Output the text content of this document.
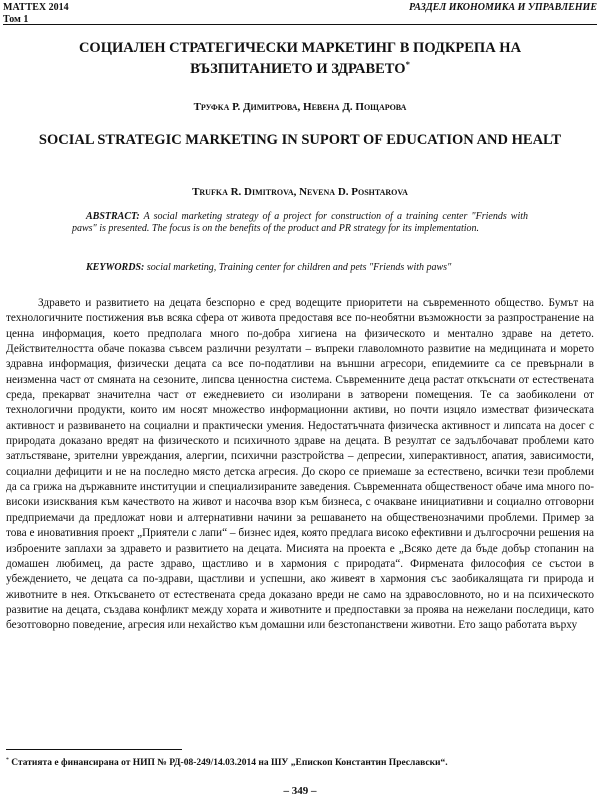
MATTEX 2014
Том 1
РАЗДЕЛ ИКОНОМИКА И УПРАВЛЕНИЕ
СОЦИАЛЕН СТРАТЕГИЧЕСКИ МАРКЕТИНГ В ПОДКРЕПА НА ВЪЗПИТАНИЕТО И ЗДРАВЕТО*
Труфка Р. Димитрова, Невена Д. Пощарова
SOCIAL STRATEGIC MARKETING IN SUPORT OF EDUCATION AND HEALT
Trufka R. Dimitrova, Nevena D. Poshtarova
ABSTRACT: A social marketing strategy of a project for construction of a training center "Friends with paws" is presented. The focus is on the benefits of the product and PR strategy for its implementation.
KEYWORDS: social marketing, Training center for children and pets "Friends with paws"
Здравето и развитието на децата безспорно е сред водещите приоритети на съвременното общество. Бумът на технологичните постижения във всяка сфера от живота предоставя все по-необятни възможности за разпространение на ценна информация, което предполага много по-добра хигиена на физическото и ментално здраве на детето. Действителността обаче показва съвсем различни резултати – въпреки главоломното развитие на медицината и морето здравна информация, физически децата са все по-податливи на външни агресори, епидемиите са се превърнали в неизменна част от смяната на сезоните, липсва ценностна система. Съвременните деца растат откъснати от естествената среда, прекарват значителна част от ежедневието си изолирани в затворени помещения. Те са заобиколени от технологични продукти, които им носят множество информационни активи, но почти изцяло изместват физическата активност и развиването на социални и практически умения. Недостатъчната физическа активност и липсата на досег с природата доказано вредят на физическото и психичното здраве на децата. В резултат се задълбочават проблеми като затлъстяване, зрителни увреждания, алергии, психични разстройства – депресии, хиперактивност, апатия, зависимости, социални дефицити и не на последно място детска агресия. До скоро се приемаше за естествено, всички тези проблеми да са грижа на държавните институции и специализираните заведения. Съвременната общественост обаче има много по-високи изисквания към качеството на живот и насочва взор към бизнеса, с очакване инициативни и социално отговорни предприемачи да предложат нови и алтернативни начини за решаването на общественозначими проблеми. Пример за това е иновативния проект „Приятели с лапи“ – бизнес идея, която предлага високо ефективни и дългосрочни решения на изброените заплахи за здравето и развитието на децата. Мисията на проекта е „Всяко дете да бъде добър стопанин на домашен любимец, да расте здраво, щастливо и в хармония с природата“. Фирмената философия се състои в убеждението, че децата са по-здрави, щастливи и успешни, ако живеят в хармония със заобикалящата ги природа и животните в нея. Откъсването от естествената среда доказано вреди не само на здравословното, но и на психическото развитие на децата, създава конфликт между хората и животните и предпоставки за проява на нежелани последици, като безотговорно поведение, агресия или нехайство към домашни или безстопанствени животни. Ето защо работата върху
* Статията е финансирана от НИП № РД-08-249/14.03.2014 на ШУ „Епископ Константин Преславски“.
– 349 –
